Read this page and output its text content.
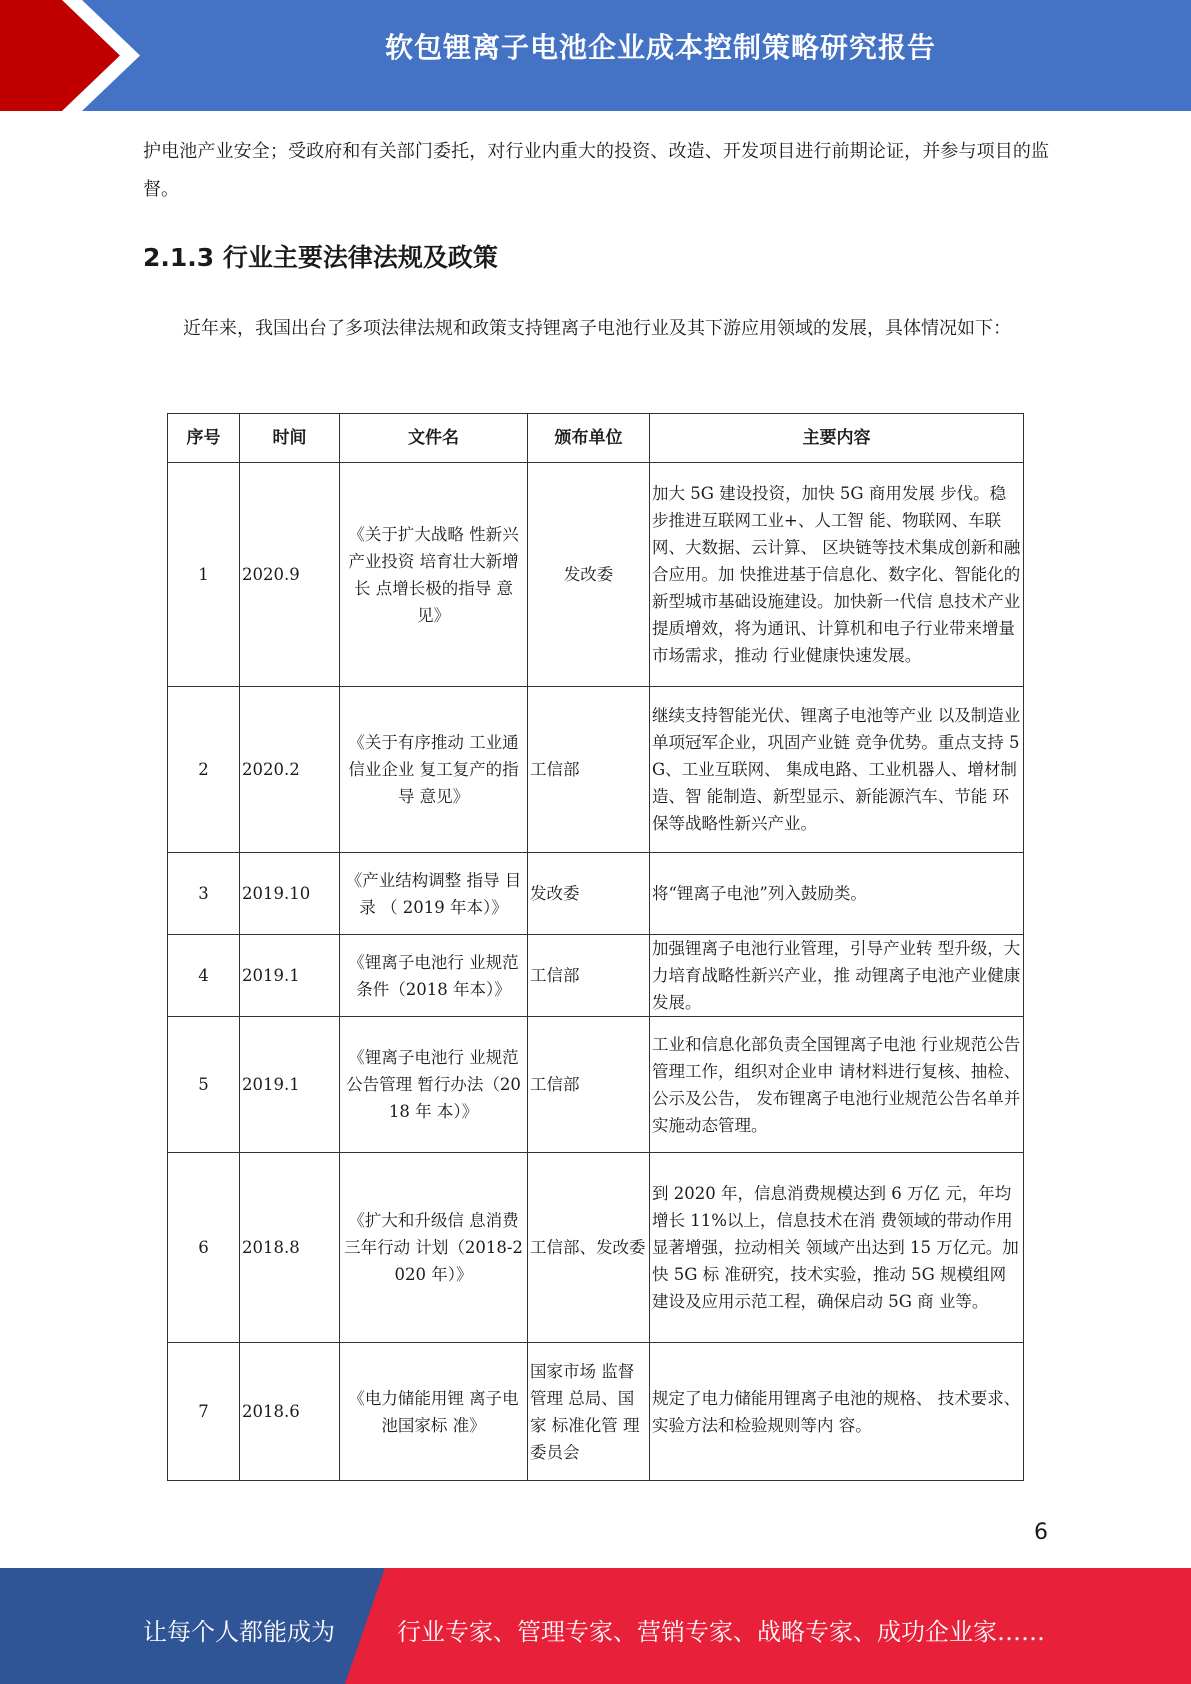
软包锂离子电池企业成本控制策略研究报告
护电池产业安全；受政府和有关部门委托，对行业内重大的投资、改造、开发项目进行前期论证，并参与项目的监督。
2.1.3 行业主要法律法规及政策
近年来，我国出台了多项法律法规和政策支持锂离子电池行业及其下游应用领域的发展，具体情况如下：
序号	时间	文件名	颁布单位	主要内容
1	2020.9	《关于扩大战略 性新兴产业投资 培育壮大新增长 点增长极的指导 意见》	发改委	加大 5G 建设投资，加快 5G 商用发展 步伐。稳步推进互联网工业+、人工智 能、物联网、车联网、大数据、云计算、 区块链等技术集成创新和融合应用。加 快推进基于信息化、数字化、智能化的 新型城市基础设施建设。加快新一代信 息技术产业提质增效，将为通讯、计算机和电子行业带来增量市场需求，推动 行业健康快速发展。
2	2020.2	《关于有序推动 工业通信业企业 复工复产的指导 意见》	工信部	继续支持智能光伏、锂离子电池等产业 以及制造业单项冠军企业，巩固产业链 竞争优势。重点支持 5G、工业互联网、 集成电路、工业机器人、增材制造、智 能制造、新型显示、新能源汽车、节能 环保等战略性新兴产业。
3	2019.10	《产业结构调整 指导 目 录 （ 2019 年本）》	发改委	将“锂离子电池”列入鼓励类。
4	2019.1	《锂离子电池行 业规范条件（2018 年本）》	工信部	加强锂离子电池行业管理，引导产业转 型升级，大力培育战略性新兴产业，推 动锂离子电池产业健康发展。
5	2019.1	《锂离子电池行 业规范公告管理 暂行办法（2018 年 本）》	工信部	工业和信息化部负责全国锂离子电池 行业规范公告管理工作，组织对企业申 请材料进行复核、抽检、公示及公告， 发布锂离子电池行业规范公告名单并 实施动态管理。
6	2018.8	《扩大和升级信 息消费三年行动 计划（2018-2020 年）》	工信部、发改委	到 2020 年，信息消费规模达到 6 万亿 元，年均增长 11%以上，信息技术在消 费领域的带动作用显著增强，拉动相关 领域产出达到 15 万亿元。加快 5G 标 准研究，技术实验，推动 5G 规模组网 建设及应用示范工程，确保启动 5G 商 业等。
7	2018.6	《电力储能用锂 离子电池国家标 准》	国家市场 监督管理 总局、国家 标准化管 理委员会	规定了电力储能用锂离子电池的规格、 技术要求、实验方法和检验规则等内 容。
6
让每个人都能成为	行业专家、管理专家、营销专家、战略专家、成功企业家……
